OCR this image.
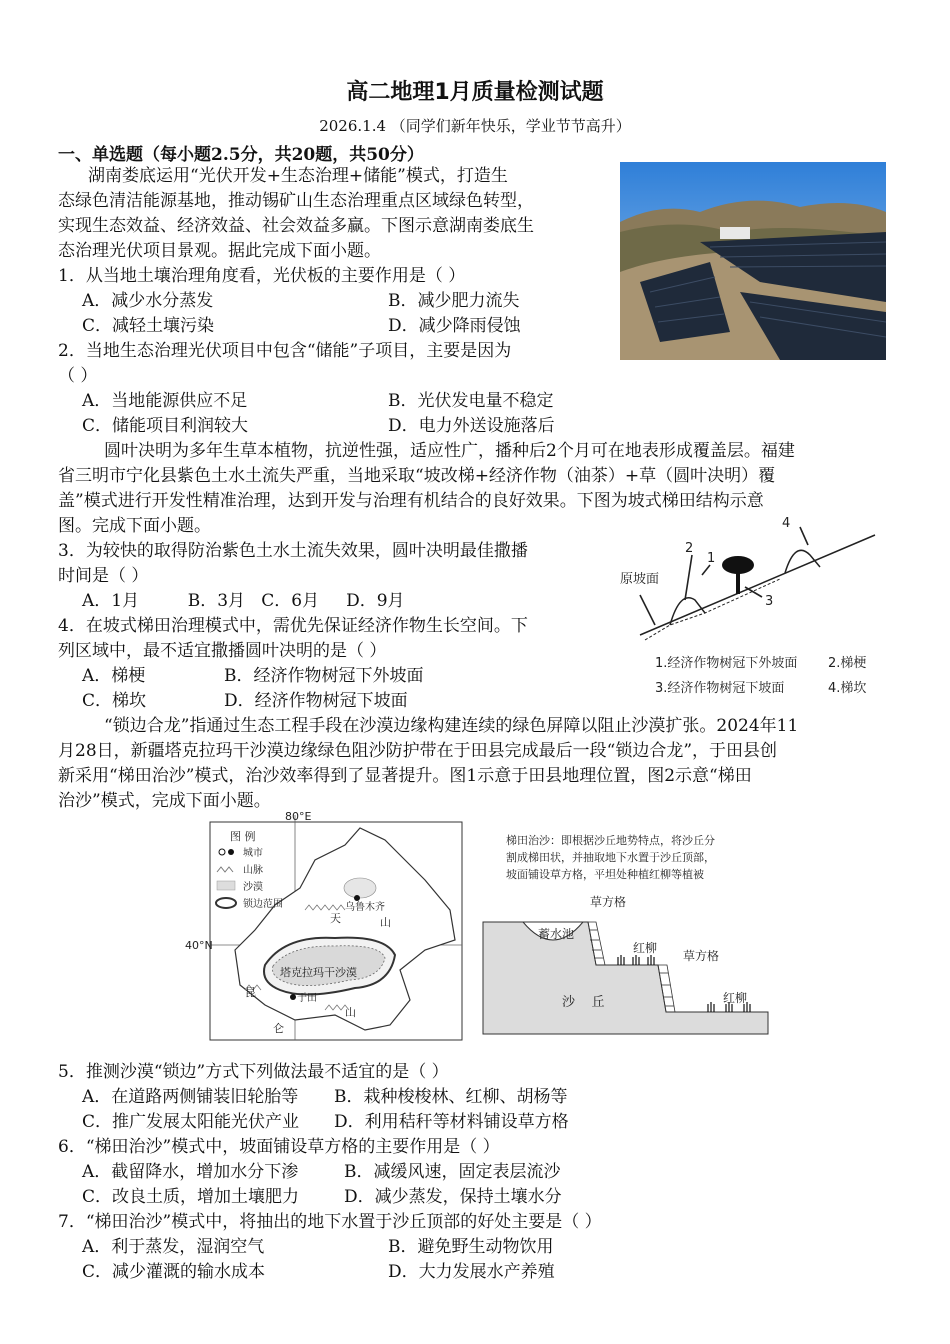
高二地理1月质量检测试题
2026.1.4 （同学们新年快乐，学业节节高升）
一、单选题（每小题2.5分，共20题，共50分）
湖南娄底运用“光伏开发+生态治理+储能”模式，打造生
态绿色清洁能源基地，推动锡矿山生态治理重点区域绿色转型，
实现生态效益、经济效益、社会效益多赢。下图示意湖南娄底生
态治理光伏项目景观。据此完成下面小题。
1．从当地土壤治理角度看，光伏板的主要作用是（ ）
A．减少水分蒸发	B．减少肥力流失
C．减轻土壤污染	D．减少降雨侵蚀
2．当地生态治理光伏项目中包含“储能”子项目，主要是因为
（ ）
A．当地能源供应不足	B．光伏发电量不稳定
C．储能项目利润较大	D．电力外送设施落后
圆叶决明为多年生草本植物，抗逆性强，适应性广，播种后2个月可在地表形成覆盖层。福建
省三明市宁化县紫色土水土流失严重，当地采取“坡改梯+经济作物（油茶）+草（圆叶决明）覆
盖”模式进行开发性精准治理，达到开发与治理有机结合的良好效果。下图为坡式梯田结构示意
图。完成下面小题。
3．为较快的取得防治紫色土水土流失效果，圆叶决明最佳撒播
时间是（ ）
A．1月         B．3月   C．6月     D．9月
4．在坡式梯田治理模式中，需优先保证经济作物生长空间。下
列区域中，最不适宜撒播圆叶决明的是（ ）
A．梯梗	B．经济作物树冠下外坡面
C．梯坎	D．经济作物树冠下坡面
2
1
3
4
原坡面
1.经济作物树冠下外坡面 2.梯梗
3.经济作物树冠下坡面	4.梯坎
“锁边合龙”指通过生态工程手段在沙漠边缘构建连续的绿色屏障以阻止沙漠扩张。2024年11
月28日，新疆塔克拉玛干沙漠边缘绿色阻沙防护带在于田县完成最后一段“锁边合龙”，于田县创
新采用“梯田治沙”模式，治沙效率得到了显著提升。图1示意于田县地理位置，图2示意“梯田
治沙”模式，完成下面小题。
80°E
40°N
乌鲁木齐
于田
塔克拉玛干沙漠
天	山
昆
仑
山
图 例
城市
山脉
沙漠
锁边范围
梯田治沙：即根据沙丘地势特点，将沙丘分
割成梯田状，并抽取地下水置于沙丘顶部，
坡面铺设草方格，平坦处种植红柳等植被
蓄水池
草方格
红柳
草方格
红柳
沙    丘
5．推测沙漠“锁边”方式下列做法最不适宜的是（ ）
A．在道路两侧铺装旧轮胎等 B．栽种梭梭林、红柳、胡杨等
C．推广发展太阳能光伏产业 D．利用秸秆等材料铺设草方格
6．“梯田治沙”模式中，坡面铺设草方格的主要作用是（ ）
A．截留降水，增加水分下渗	B．减缓风速，固定表层流沙
C．改良土质，增加土壤肥力	D．减少蒸发，保持土壤水分
7．“梯田治沙”模式中，将抽出的地下水置于沙丘顶部的好处主要是（ ）
A．利于蒸发，湿润空气	B．避免野生动物饮用
C．减少灌溉的输水成本	D．大力发展水产养殖
